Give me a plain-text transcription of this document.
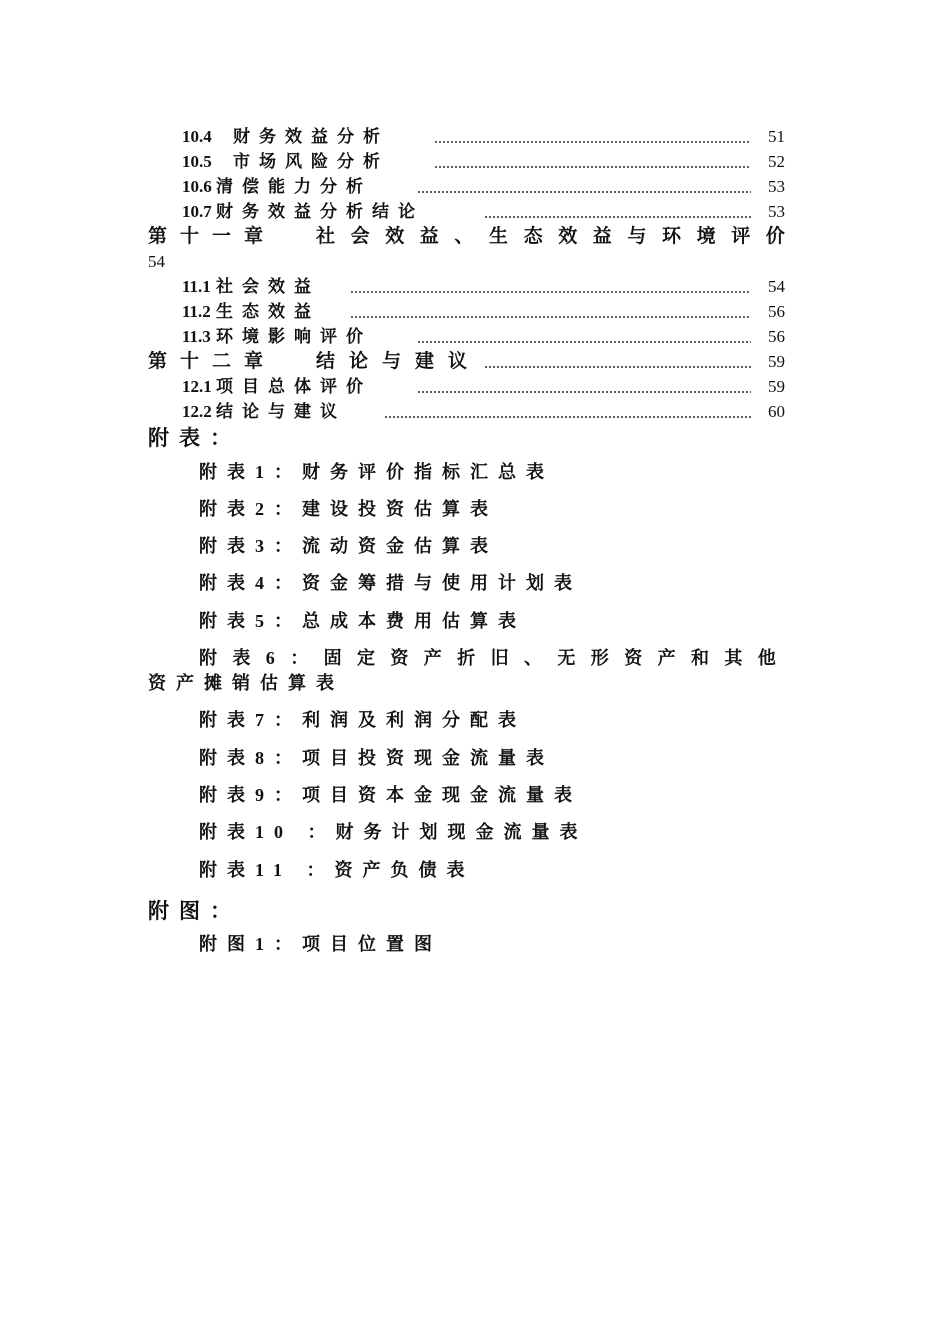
10.4 财务效益分析	51
10.5 市场风险分析	52
10.6 清偿能力分析	53
10.7 财务效益分析结论	53
第十一章 社会效益、生态效益与环境评价
54
11.1 社会效益	54
11.2 生态效益	56
11.3 环境影响评价	56
第十二章 结论与建议	59
12.1 项目总体评价	59
12.2 结论与建议	60
附表：
附表1：财务评价指标汇总表
附表2：建设投资估算表
附表3：流动资金估算表
附表4：资金筹措与使用计划表
附表5：总成本费用估算表
附表6：固定资产折旧、无形资产和其他
资产摊销估算表
附表7：利润及利润分配表
附表8：项目投资现金流量表
附表9：项目资本金现金流量表
附表10 ：财务计划现金流量表
附表11 ：资产负债表
附图：
附图1：项目位置图
